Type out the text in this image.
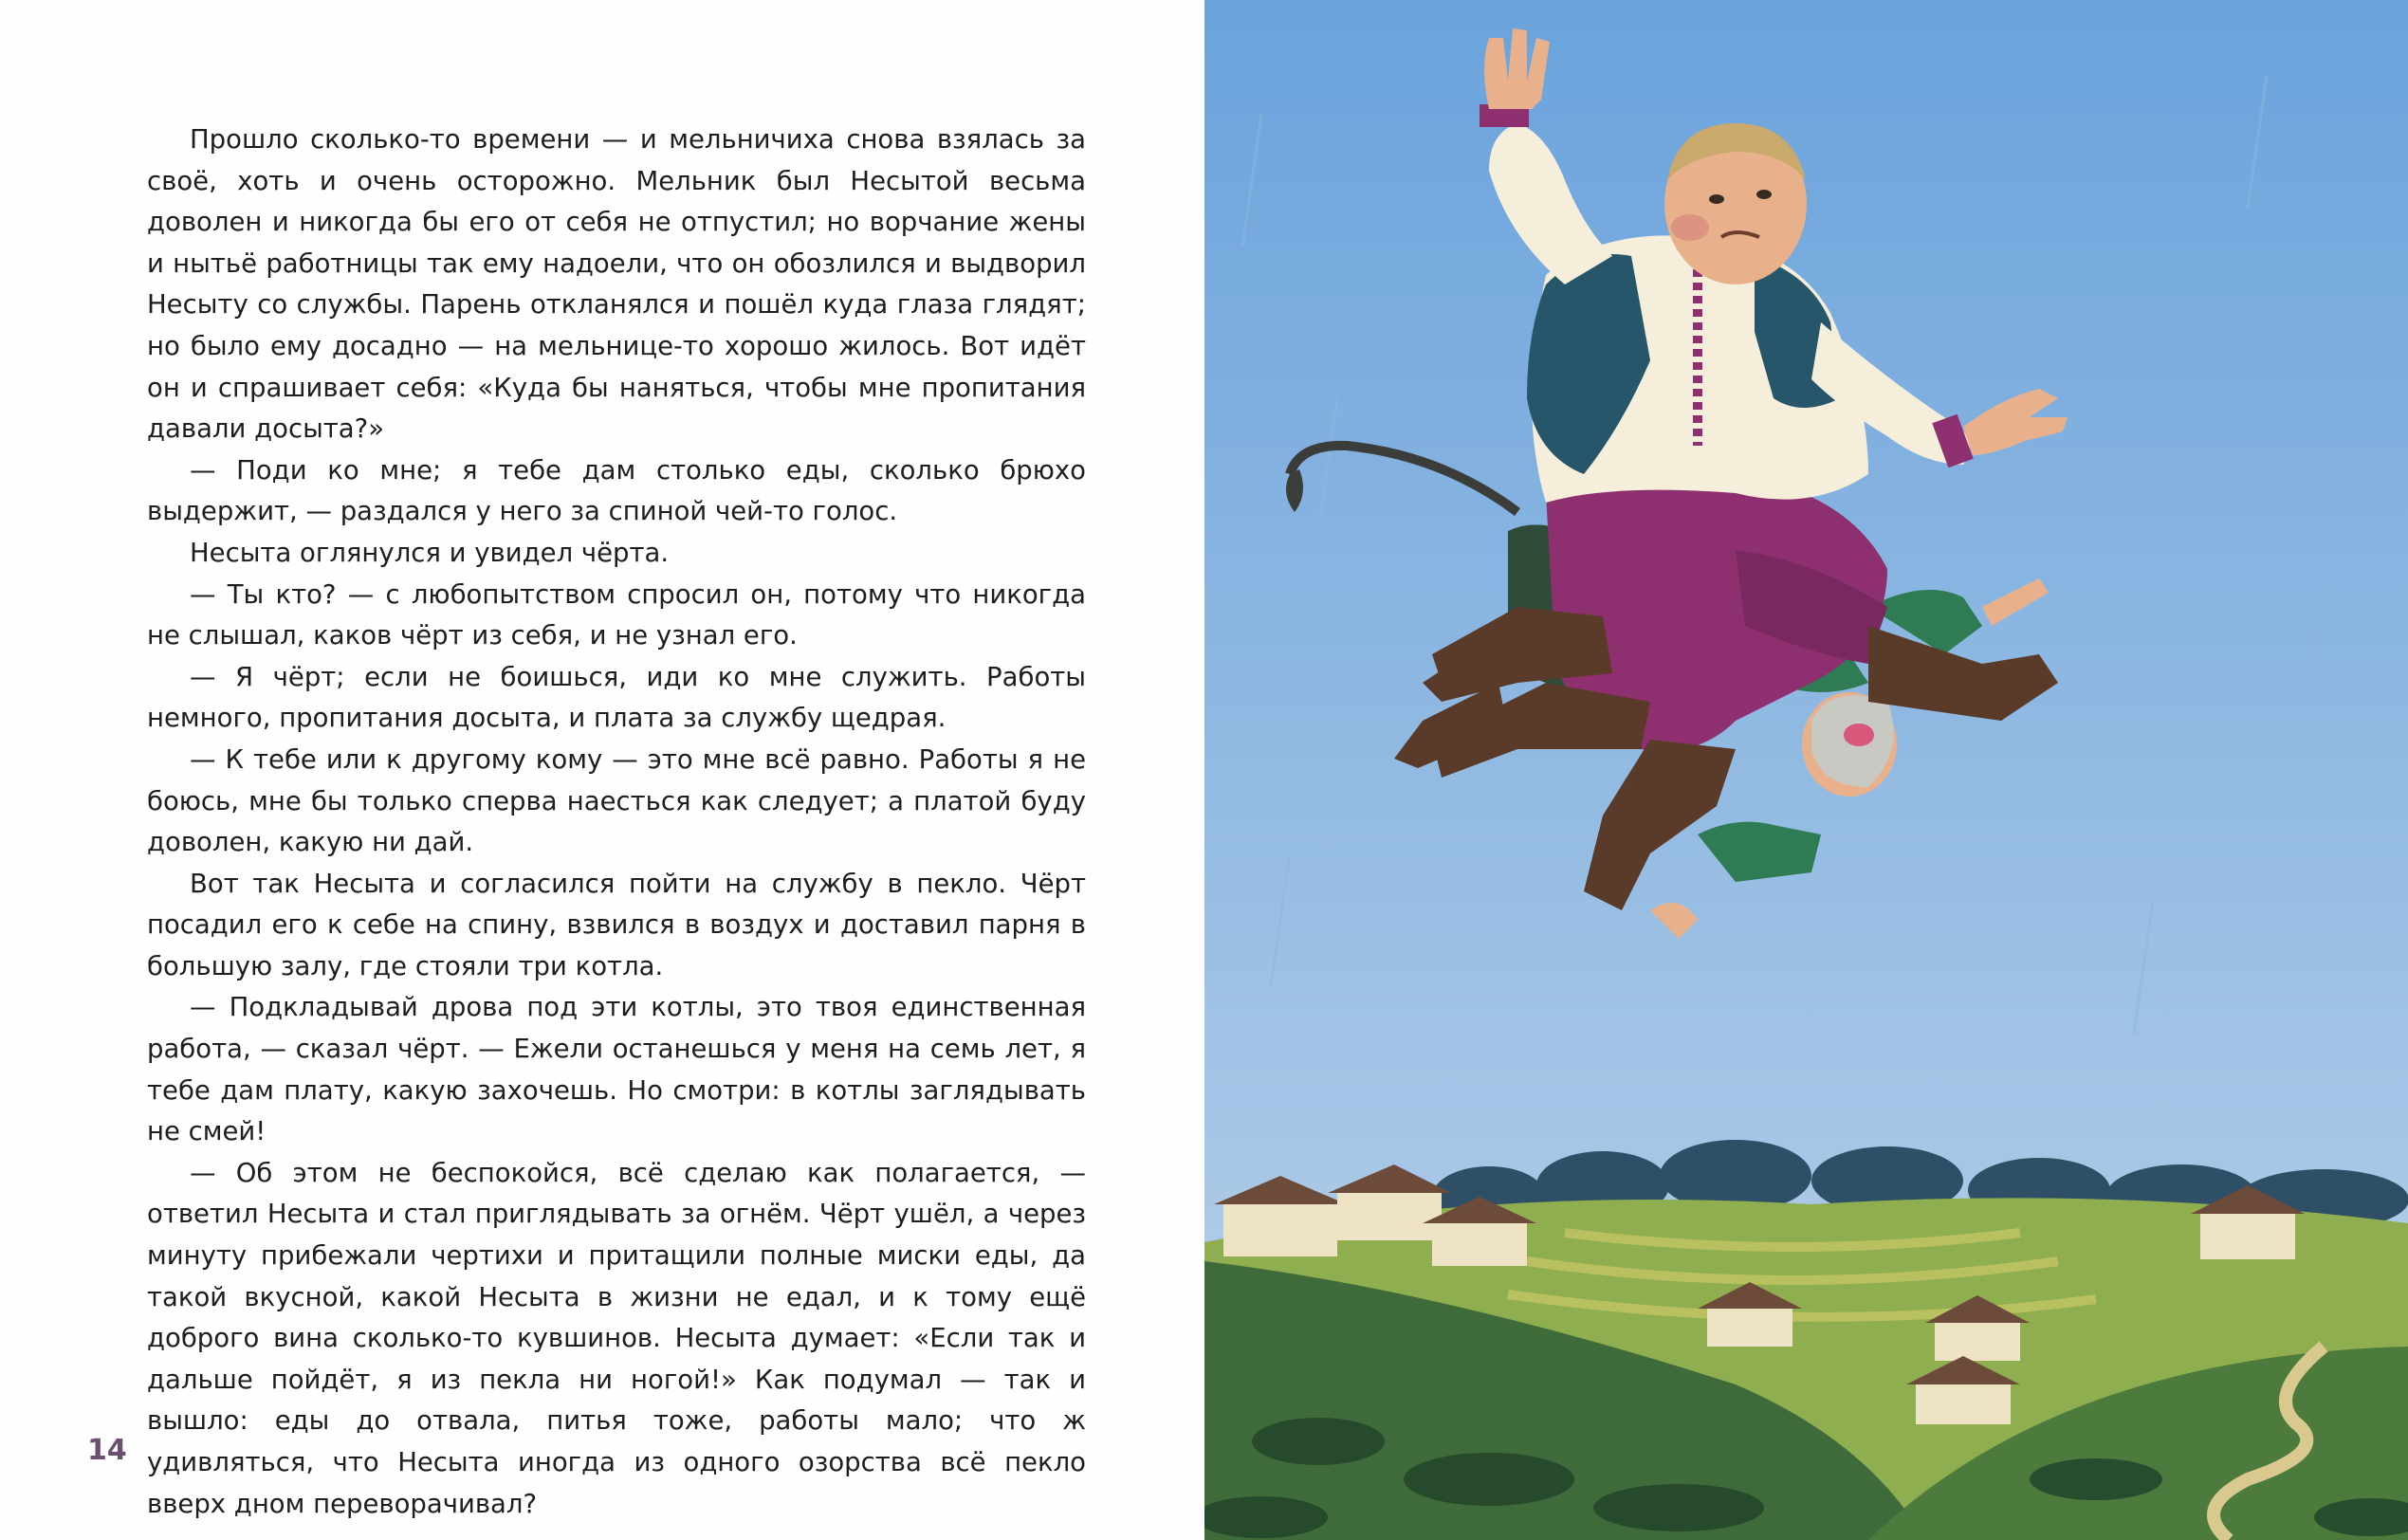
Прошло сколько-то времени — и мельничиха снова взялась за своё, хоть и очень осторожно. Мельник был Несытой весьма доволен и никогда бы его от себя не отпустил; но ворчание жены и нытьё работницы так ему надоели, что он обозлился и выдворил Несыту со службы. Парень откланялся и пошёл куда глаза глядят; но было ему досадно — на мельнице-то хорошо жилось. Вот идёт он и спрашивает себя: «Куда бы наняться, чтобы мне пропитания давали досыта?»

— Поди ко мне; я тебе дам столько еды, сколько брюхо выдержит, — раздался у него за спиной чей-то голос.

Несыта оглянулся и увидел чёрта.

— Ты кто? — с любопытством спросил он, потому что никогда не слышал, каков чёрт из себя, и не узнал его.

— Я чёрт; если не боишься, иди ко мне служить. Работы немного, пропитания досыта, и плата за службу щедрая.

— К тебе или к другому кому — это мне всё равно. Работы я не боюсь, мне бы только сперва наесться как следует; а платой буду доволен, какую ни дай.

Вот так Несыта и согласился пойти на службу в пекло. Чёрт посадил его к себе на спину, взвился в воздух и доставил парня в большую залу, где стояли три котла.

— Подкладывай дрова под эти котлы, это твоя единственная работа, — сказал чёрт. — Ежели останешься у меня на семь лет, я тебе дам плату, какую захочешь. Но смотри: в котлы заглядывать не смей!

— Об этом не беспокойся, всё сделаю как полагается, — ответил Несыта и стал приглядывать за огнём. Чёрт ушёл, а через минуту прибежали чертихи и притащили полные миски еды, да такой вкусной, какой Несыта в жизни не едал, и к тому ещё доброго вина сколько-то кувшинов. Несыта думает: «Если так и дальше пойдёт, я из пекла ни ногой!» Как подумал — так и вышло: еды до отвала, питья тоже, работы мало; что ж удивляться, что Несыта иногда из одного озорства всё пекло вверх дном переворачивал?

14
